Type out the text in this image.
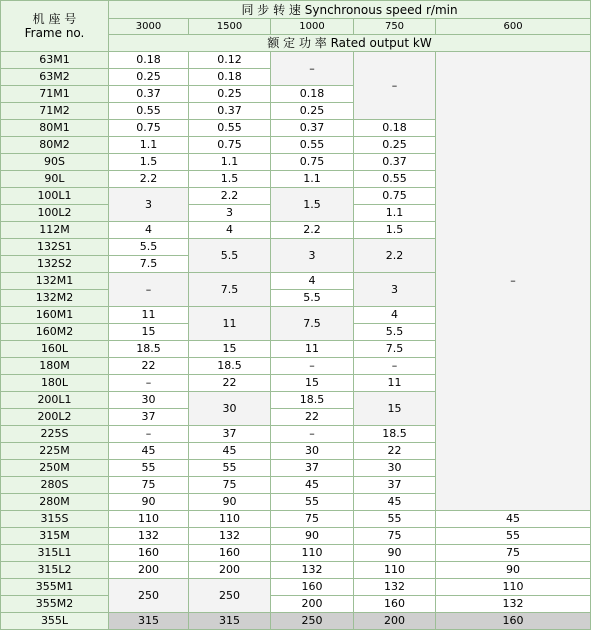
机 座 号
Frame no.	同 步 转 速 Synchronous speed r/min				
	3000	1500	1000	750	600
	额 定 功 率 Rated output kW				
63M1	0.18	0.12	–	–	–
63M2	0.25	0.18			
71M1	0.37	0.25	0.18		
71M2	0.55	0.37	0.25		
80M1	0.75	0.55	0.37	0.18	
80M2	1.1	0.75	0.55	0.25	
90S	1.5	1.1	0.75	0.37	
90L	2.2	1.5	1.1	0.55	
100L1	3	2.2	1.5	0.75	
100L2		3		1.1	
112M	4	4	2.2	1.5	
132S1	5.5	5.5	3	2.2	
132S2	7.5				
132M1	–	7.5	4	3	
132M2			5.5		
160M1	11	11	7.5	4	
160M2	15			5.5	
160L	18.5	15	11	7.5	
180M	22	18.5	–	–	
180L	–	22	15	11	
200L1	30	30	18.5	15	
200L2	37		22		
225S	–	37	–	18.5	
225M	45	45	30	22	
250M	55	55	37	30	
280S	75	75	45	37	
280M	90	90	55	45	
315S	110	110	75	55	45
315M	132	132	90	75	55
315L1	160	160	110	90	75
315L2	200	200	132	110	90
355M1	250	250	160	132	110
355M2			200	160	132
355L	315	315	250	200	160
